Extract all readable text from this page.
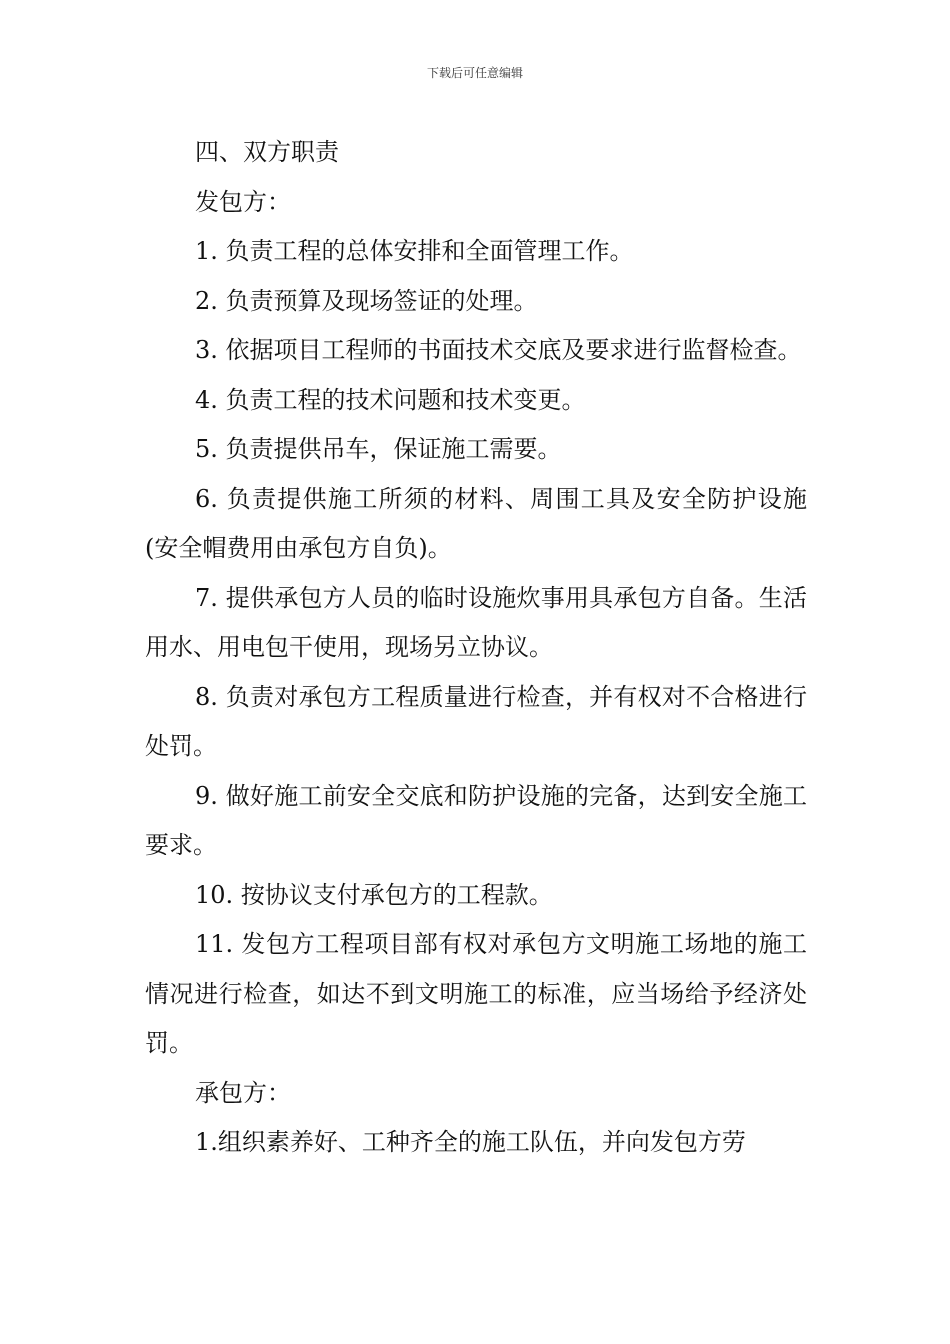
下载后可任意编辑

四、双方职责

发包方：

1. 负责工程的总体安排和全面管理工作。

2. 负责预算及现场签证的处理。

3. 依据项目工程师的书面技术交底及要求进行监督检查。

4. 负责工程的技术问题和技术变更。

5. 负责提供吊车，保证施工需要。

6. 负责提供施工所须的材料、周围工具及安全防护设施(安全帽费用由承包方自负)。

7. 提供承包方人员的临时设施炊事用具承包方自备。生活用水、用电包干使用，现场另立协议。

8. 负责对承包方工程质量进行检查，并有权对不合格进行处罚。

9. 做好施工前安全交底和防护设施的完备，达到安全施工要求。

10. 按协议支付承包方的工程款。

11. 发包方工程项目部有权对承包方文明施工场地的施工情况进行检查，如达不到文明施工的标准，应当场给予经济处罚。

承包方：

1.组织素养好、工种齐全的施工队伍，并向发包方劳
